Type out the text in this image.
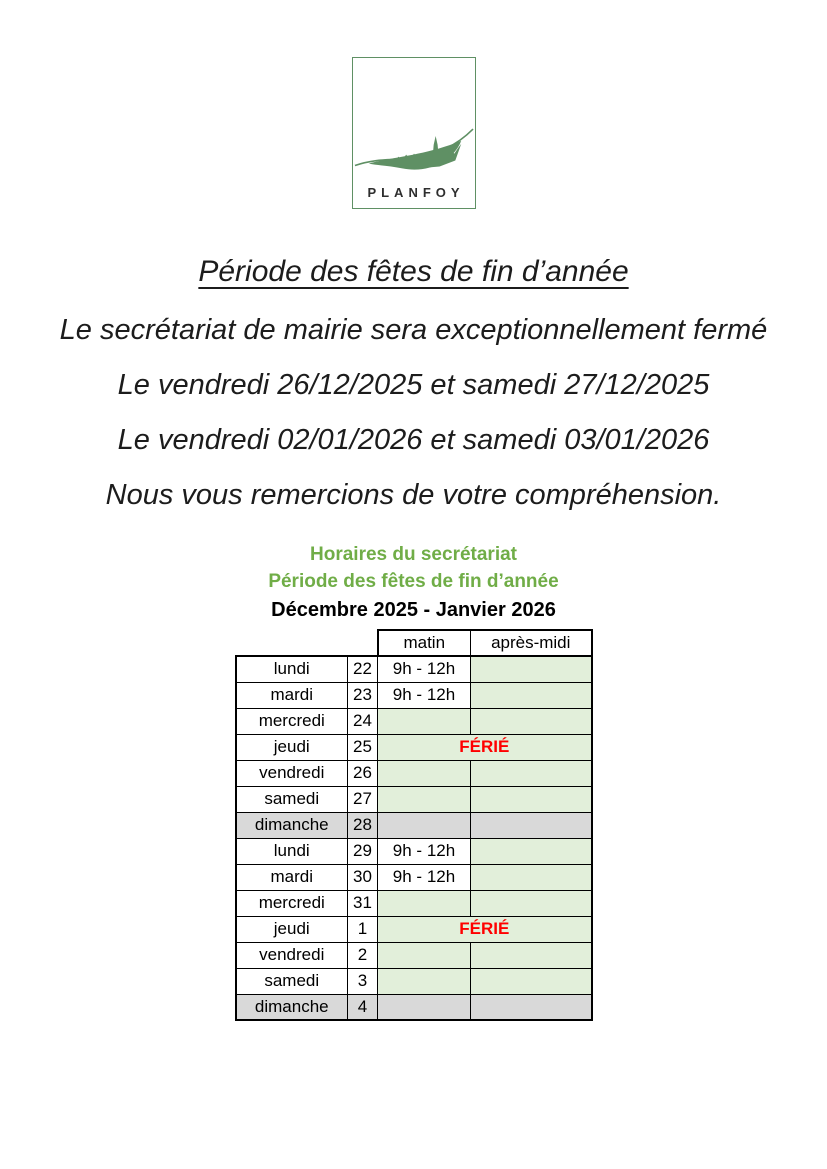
PLANFOY
Période des fêtes de fin d’année

Le secrétariat de mairie sera exceptionnellement fermé

Le vendredi 26/12/2025 et samedi 27/12/2025

Le vendredi 02/01/2026 et samedi 03/01/2026

Nous vous remercions de votre compréhension.

Horaires du secrétariat
Période des fêtes de fin d’année
Décembre 2025 - Janvier 2026
		matin	après-midi
lundi	22	9h - 12h	
mardi	23	9h - 12h	
mercredi	24		
jeudi	25	FÉRIÉ	
vendredi	26		
samedi	27		
dimanche	28		
lundi	29	9h - 12h	
mardi	30	9h - 12h	
mercredi	31		
jeudi	1	FÉRIÉ	
vendredi	2		
samedi	3		
dimanche	4		
